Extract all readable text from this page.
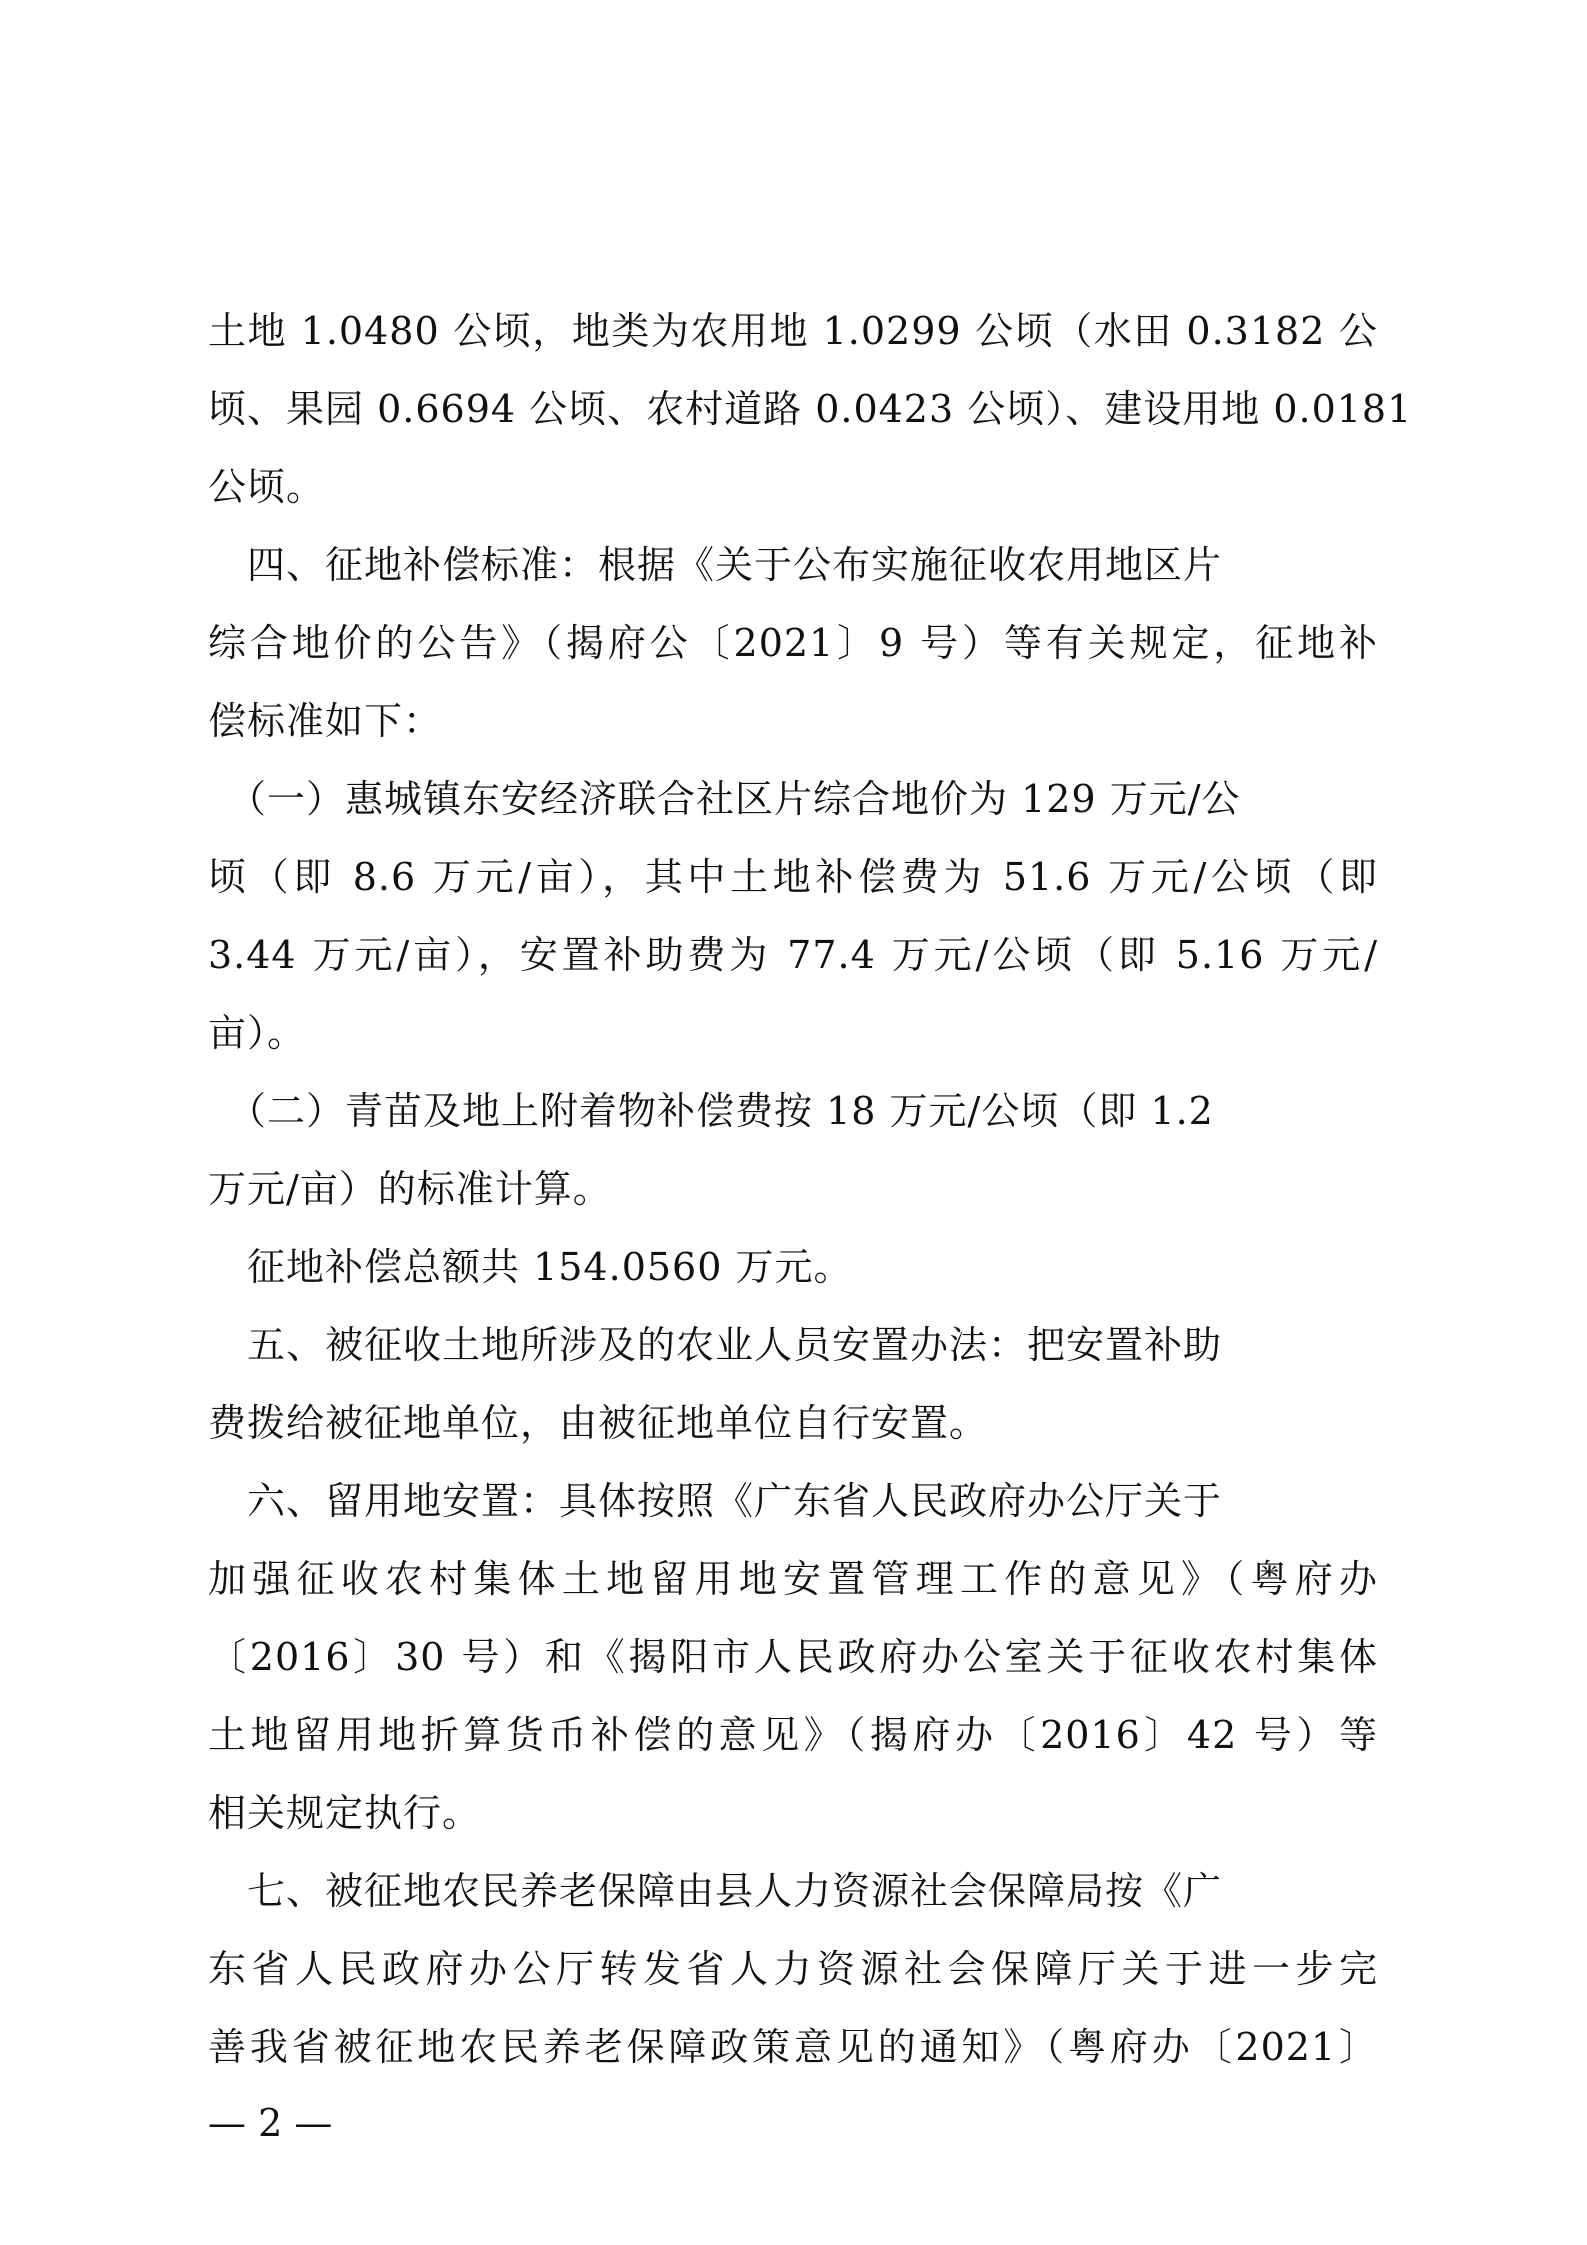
土地 1.0480 公顷，地类为农用地 1.0299 公顷（水田 0.3182 公
顷、果园 0.6694 公顷、农村道路 0.0423 公顷）、建设用地 0.0181
公顷。
　四、征地补偿标准：根据《关于公布实施征收农用地区片
综合地价的公告》（揭府公〔2021〕9 号）等有关规定，征地补
偿标准如下：
　（一）惠城镇东安经济联合社区片综合地价为 129 万元/公
顷（即 8.6 万元/亩），其中土地补偿费为 51.6 万元/公顷（即
3.44 万元/亩），安置补助费为 77.4 万元/公顷（即 5.16 万元/
亩）。
　（二）青苗及地上附着物补偿费按 18 万元/公顷（即 1.2
万元/亩）的标准计算。
　征地补偿总额共 154.0560 万元。
　五、被征收土地所涉及的农业人员安置办法：把安置补助
费拨给被征地单位，由被征地单位自行安置。
　六、留用地安置：具体按照《广东省人民政府办公厅关于
加强征收农村集体土地留用地安置管理工作的意见》（粤府办
〔2016〕30 号）和《揭阳市人民政府办公室关于征收农村集体
土地留用地折算货币补偿的意见》（揭府办〔2016〕42 号）等
相关规定执行。
　七、被征地农民养老保障由县人力资源社会保障局按《广
东省人民政府办公厅转发省人力资源社会保障厅关于进一步完
善我省被征地农民养老保障政策意见的通知》（粤府办〔2021〕
— 2 —
